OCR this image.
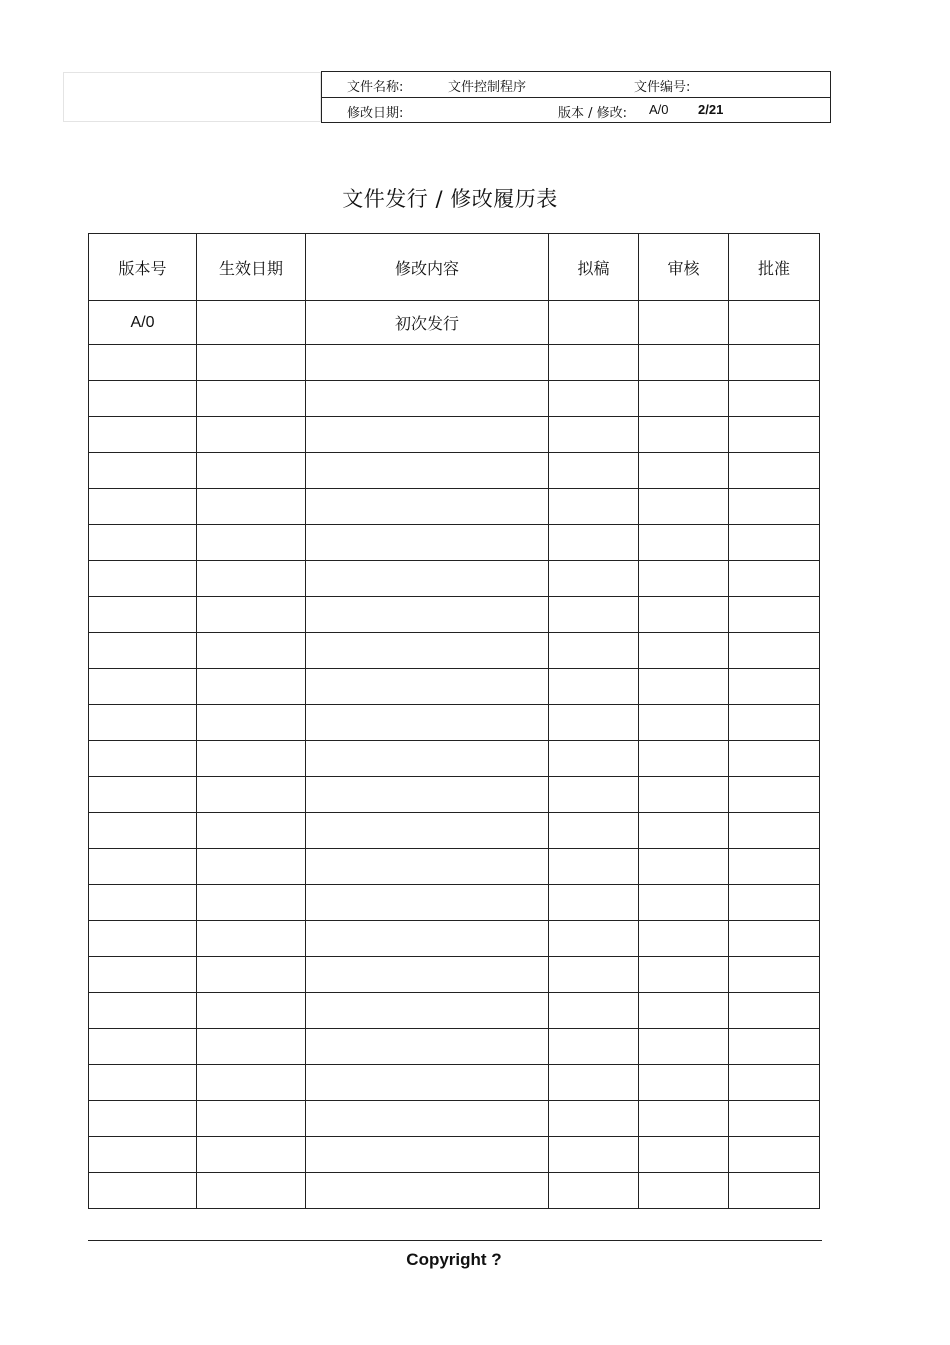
文件名称:	文件控制程序	文件编号:
修改日期:	版本 / 修改: A/0 2/21
文件发行 / 修改履历表
版本号	生效日期	修改内容	拟稿	审核	批准
A/0		初次发行			

Copyright ?
